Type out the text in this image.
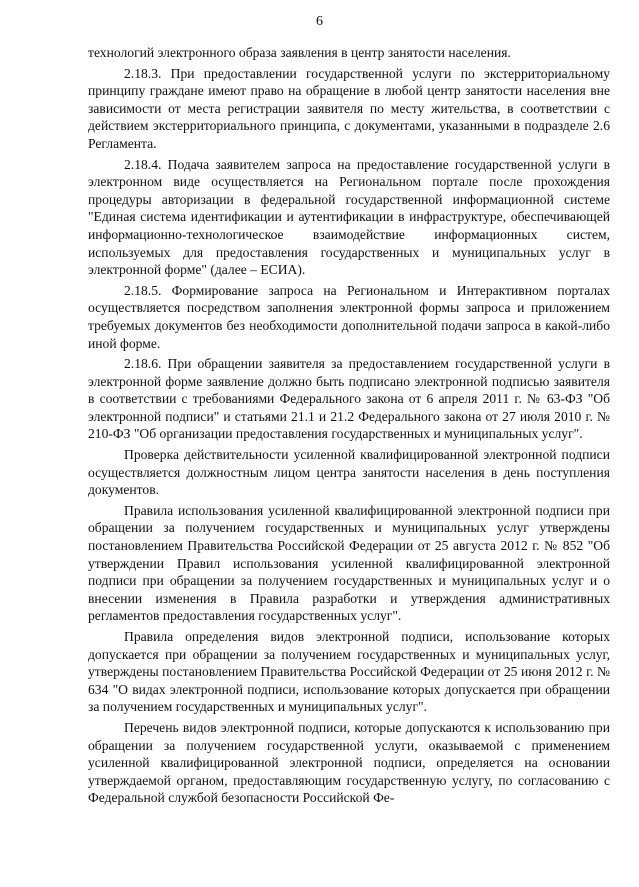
6

технологий электронного образа заявления в центр занятости населения.

2.18.3. При предоставлении государственной услуги по экстерриториальному принципу граждане имеют право на обращение в любой центр занятости населения вне зависимости от места регистрации заявителя по месту жительства, в соответствии с действием экстерриториального принципа, с документами, указанными в подразделе 2.6 Регламента.

2.18.4. Подача заявителем запроса на предоставление государственной услуги в электронном виде осуществляется на Региональном портале после прохождения процедуры авторизации в федеральной государственной информационной системе "Единая система идентификации и аутентификации в инфраструктуре, обеспечивающей информационно-технологическое взаимодействие информационных систем, используемых для предоставления государственных и муниципальных услуг в электронной форме" (далее – ЕСИА).

2.18.5. Формирование запроса на Региональном и Интерактивном порталах осуществляется посредством заполнения электронной формы запроса и приложением требуемых документов без необходимости дополнительной подачи запроса в какой-либо иной форме.

2.18.6. При обращении заявителя за предоставлением государственной услуги в электронной форме заявление должно быть подписано электронной подписью заявителя в соответствии с требованиями Федерального закона от 6 апреля 2011 г. № 63-ФЗ "Об электронной подписи" и статьями 21.1 и 21.2 Федерального закона от 27 июля 2010 г. № 210-ФЗ "Об организации предоставления государственных и муниципальных услуг".

Проверка действительности усиленной квалифицированной электронной подписи осуществляется должностным лицом центра занятости населения в день поступления документов.

Правила использования усиленной квалифицированной электронной подписи при обращении за получением государственных и муниципальных услуг утверждены постановлением Правительства Российской Федерации от 25 августа 2012 г. № 852 "Об утверждении Правил использования усиленной квалифицированной электронной подписи при обращении за получением государственных и муниципальных услуг и о внесении изменения в Правила разработки и утверждения административных регламентов предоставления государственных услуг".

Правила определения видов электронной подписи, использование которых допускается при обращении за получением государственных и муниципальных услуг, утверждены постановлением Правительства Российской Федерации от 25 июня 2012 г. № 634 "О видах электронной подписи, использование которых допускается при обращении за получением государственных и муниципальных услуг".

Перечень видов электронной подписи, которые допускаются к использованию при обращении за получением государственной услуги, оказываемой с применением усиленной квалифицированной электронной подписи, определяется на основании утверждаемой органом, предоставляющим государственную услугу, по согласованию с Федеральной службой безопасности Российской Фе-
